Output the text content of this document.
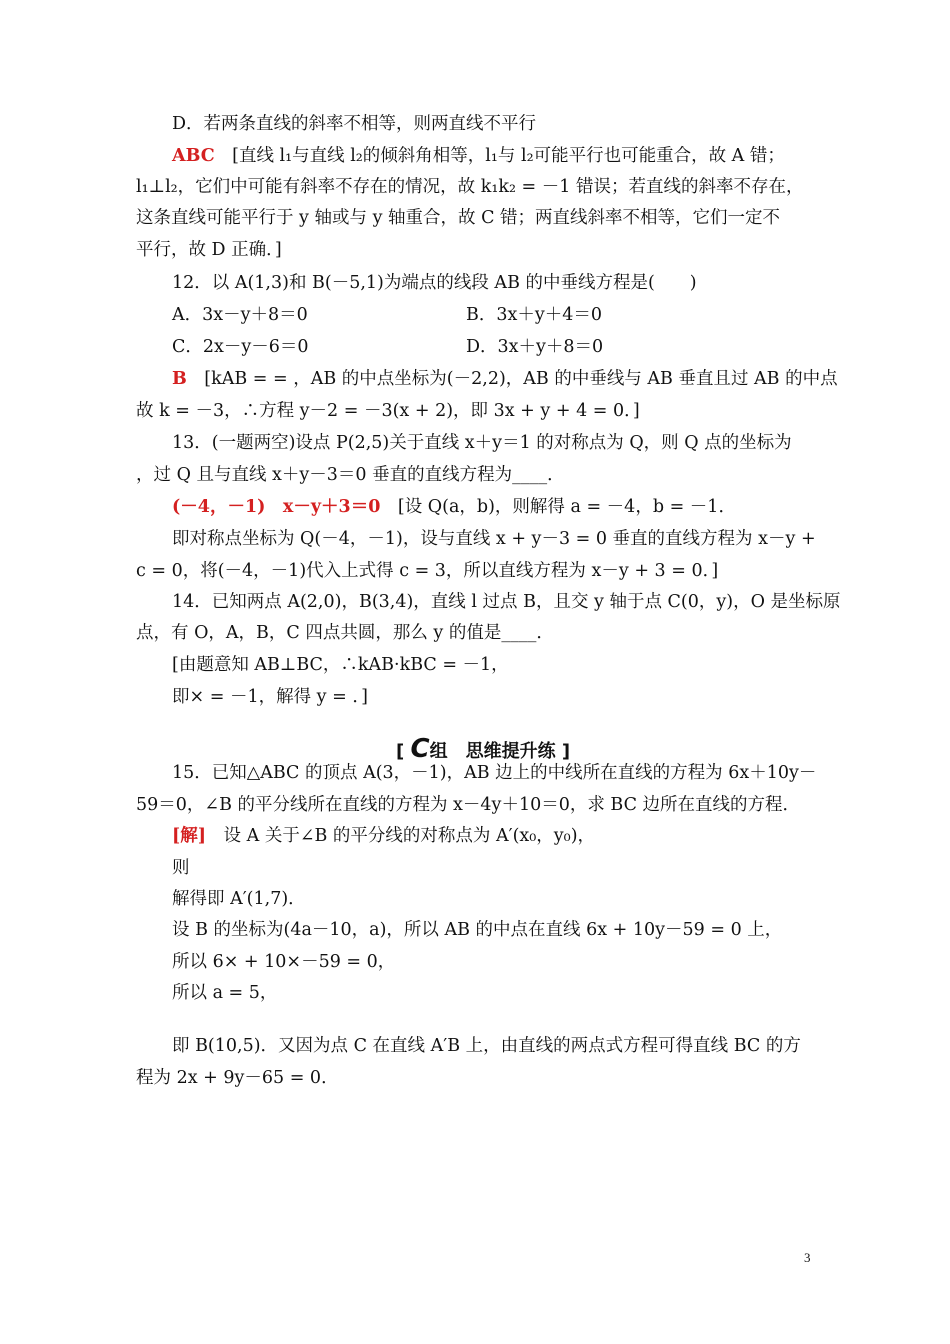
D．若两条直线的斜率不相等，则两直线不平行
ABC　[直线 l₁与直线 l₂的倾斜角相等，l₁与 l₂可能平行也可能重合，故 A 错；
l₁⊥l₂，它们中可能有斜率不存在的情况，故 k₁k₂ = －1 错误；若直线的斜率不存在，
这条直线可能平行于 y 轴或与 y 轴重合，故 C 错；两直线斜率不相等，它们一定不
平行，故 D 正确．]
12．以 A(1,3)和 B(－5,1)为端点的线段 AB 的中垂线方程是(　　)
A．3x－y＋8＝0	B．3x＋y＋4＝0
C．2x－y－6＝0	D．3x＋y＋8＝0
B　[kAB = = ，AB 的中点坐标为(－2,2)，AB 的中垂线与 AB 垂直且过 AB 的中点
故 k = －3，∴方程 y－2 = －3(x + 2)，即 3x + y + 4 = 0．]
13．(一题两空)设点 P(2,5)关于直线 x＋y＝1 的对称点为 Q，则 Q 点的坐标为
，过 Q 且与直线 x＋y－3＝0 垂直的直线方程为____．
(－4，－1)　x－y＋3＝0　[设 Q(a，b)，则解得 a = －4，b = －1．
即对称点坐标为 Q(－4，－1)，设与直线 x + y－3 = 0 垂直的直线方程为 x－y +
c = 0，将(－4，－1)代入上式得 c = 3，所以直线方程为 x－y + 3 = 0．]
14．已知两点 A(2,0)，B(3,4)，直线 l 过点 B，且交 y 轴于点 C(0，y)，O 是坐标原
点，有 O，A，B，C 四点共圆，那么 y 的值是____．
[由题意知 AB⊥BC，∴kAB·kBC = －1，
即× = －1，解得 y = ．]
15．已知△ABC 的顶点 A(3，－1)，AB 边上的中线所在直线的方程为 6x＋10y－
59＝0，∠B 的平分线所在直线的方程为 x－4y＋10＝0，求 BC 边所在直线的方程．
[解]　设 A 关于∠B 的平分线的对称点为 A′(x₀，y₀)，
则
解得即 A′(1,7)．
设 B 的坐标为(4a－10，a)，所以 AB 的中点在直线 6x + 10y－59 = 0 上，
所以 6× + 10×－59 = 0，
所以 a = 5，
即 B(10,5)．又因为点 C 在直线 A′B 上，由直线的两点式方程可得直线 BC 的方
程为 2x + 9y－65 = 0．
[ C组　思维提升练 ]
3
